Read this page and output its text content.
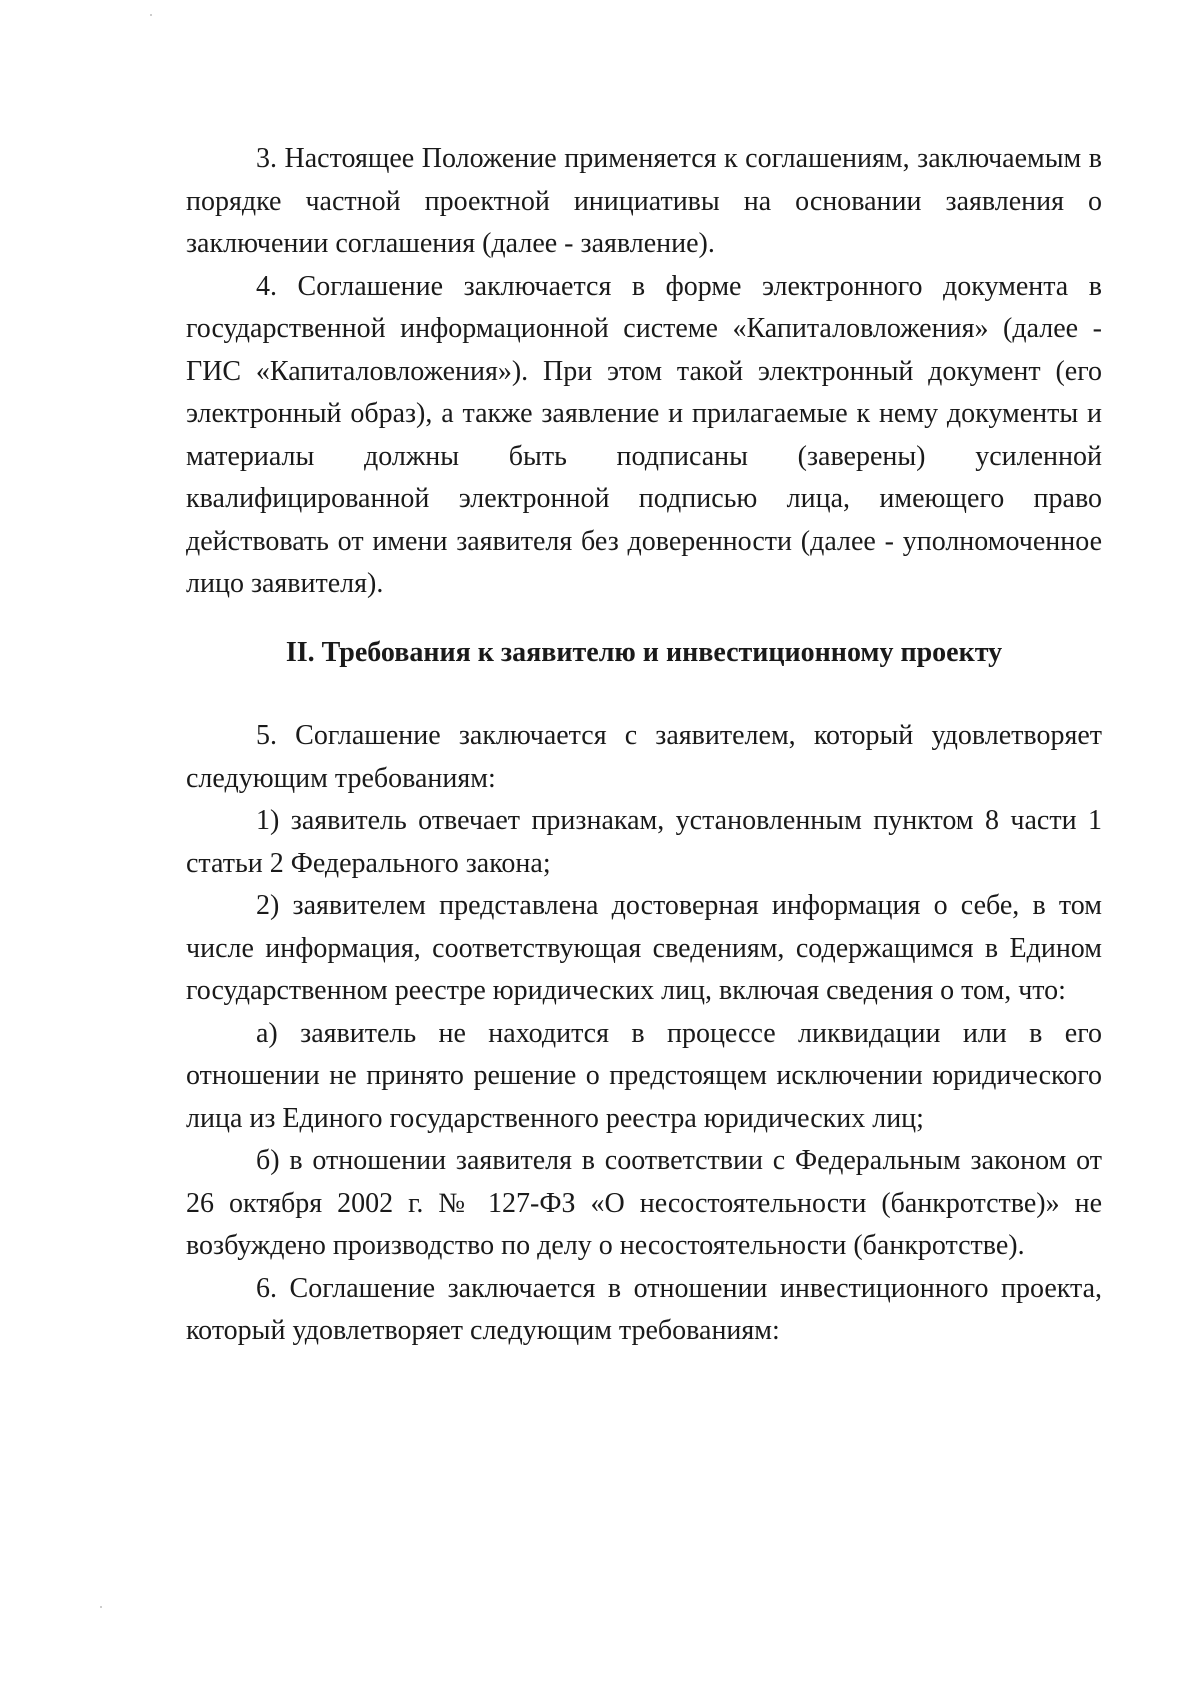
3. Настоящее Положение применяется к соглашениям, заключаемым в порядке частной проектной инициативы на основании заявления о заключении соглашения (далее - заявление).

4. Соглашение заключается в форме электронного документа в государственной информационной системе «Капиталовложения» (далее - ГИС «Капиталовложения»). При этом такой электронный документ (его электронный образ), а также заявление и прилагаемые к нему документы и материалы должны быть подписаны (заверены) усиленной квалифицированной электронной подписью лица, имеющего право действовать от имени заявителя без доверенности (далее - уполномоченное лицо заявителя).

II. Требования к заявителю и инвестиционному проекту

5. Соглашение заключается с заявителем, который удовлетворяет следующим требованиям:

1) заявитель отвечает признакам, установленным пунктом 8 части 1 статьи 2 Федерального закона;

2) заявителем представлена достоверная информация о себе, в том числе информация, соответствующая сведениям, содержащимся в Едином государственном реестре юридических лиц, включая сведения о том, что:

а) заявитель не находится в процессе ликвидации или в его отношении не принято решение о предстоящем исключении юридического лица из Единого государственного реестра юридических лиц;

б) в отношении заявителя в соответствии с Федеральным законом от 26 октября 2002 г. № 127-ФЗ «О несостоятельности (банкротстве)» не возбуждено производство по делу о несостоятельности (банкротстве).

6. Соглашение заключается в отношении инвестиционного проекта, который удовлетворяет следующим требованиям:
